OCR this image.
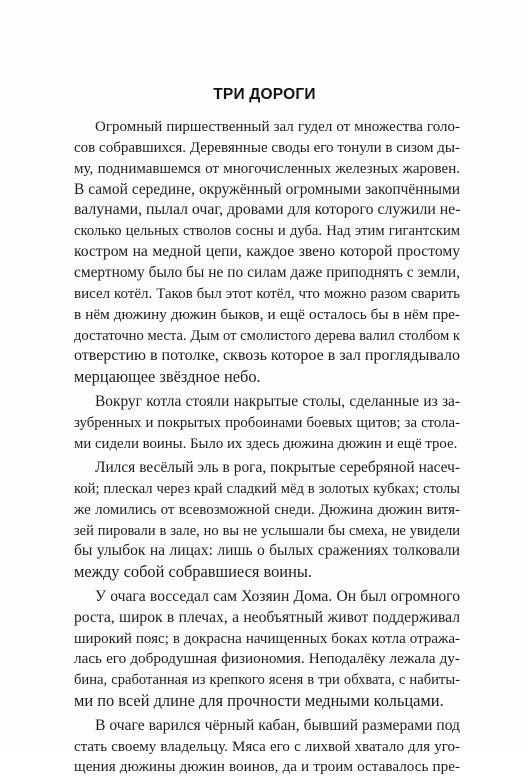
ТРИ ДОРОГИ
Огромный пиршественный зал гудел от множества голо-
сов собравшихся. Деревянные своды его тонули в сизом ды-
му, поднимавшемся от многочисленных железных жаровен.
В самой середине, окружённый огромными закопчёнными
валунами, пылал очаг, дровами для которого служили не-
сколько цельных стволов сосны и дуба. Над этим гигантским
костром на медной цепи, каждое звено которой простому
смертному было бы не по силам даже приподнять с земли,
висел котёл. Таков был этот котёл, что можно разом сварить
в нём дюжину дюжин быков, и ещё осталось бы в нём пре-
достаточно места. Дым от смолистого дерева валил столбом к
отверстию в потолке, сквозь которое в зал проглядывало
мерцающее звёздное небо.
Вокруг котла стояли накрытые столы, сделанные из за-
зубренных и покрытых пробоинами боевых щитов; за стола-
ми сидели воины. Было их здесь дюжина дюжин и ещё трое.
Лился весёлый эль в рога, покрытые серебряной насеч-
кой; плескал через край сладкий мёд в золотых кубках; столы
же ломились от всевозможной снеди. Дюжина дюжин витя-
зей пировали в зале, но вы не услышали бы смеха, не увидели
бы улыбок на лицах: лишь о былых сражениях толковали
между собой собравшиеся воины.
У очага восседал сам Хозяин Дома. Он был огромного
роста, широк в плечах, а необъятный живот поддерживал
широкий пояс; в докрасна начищенных боках котла отража-
лась его добродушная физиономия. Неподалёку лежала ду-
бина, сработанная из крепкого ясеня в три обхвата, с набиты-
ми по всей длине для прочности медными кольцами.
В очаге варился чёрный кабан, бывший размерами под
стать своему владельцу. Мяса его с лихвой хватало для уго-
щения дюжины дюжин воинов, да и троим оставалось пре-
